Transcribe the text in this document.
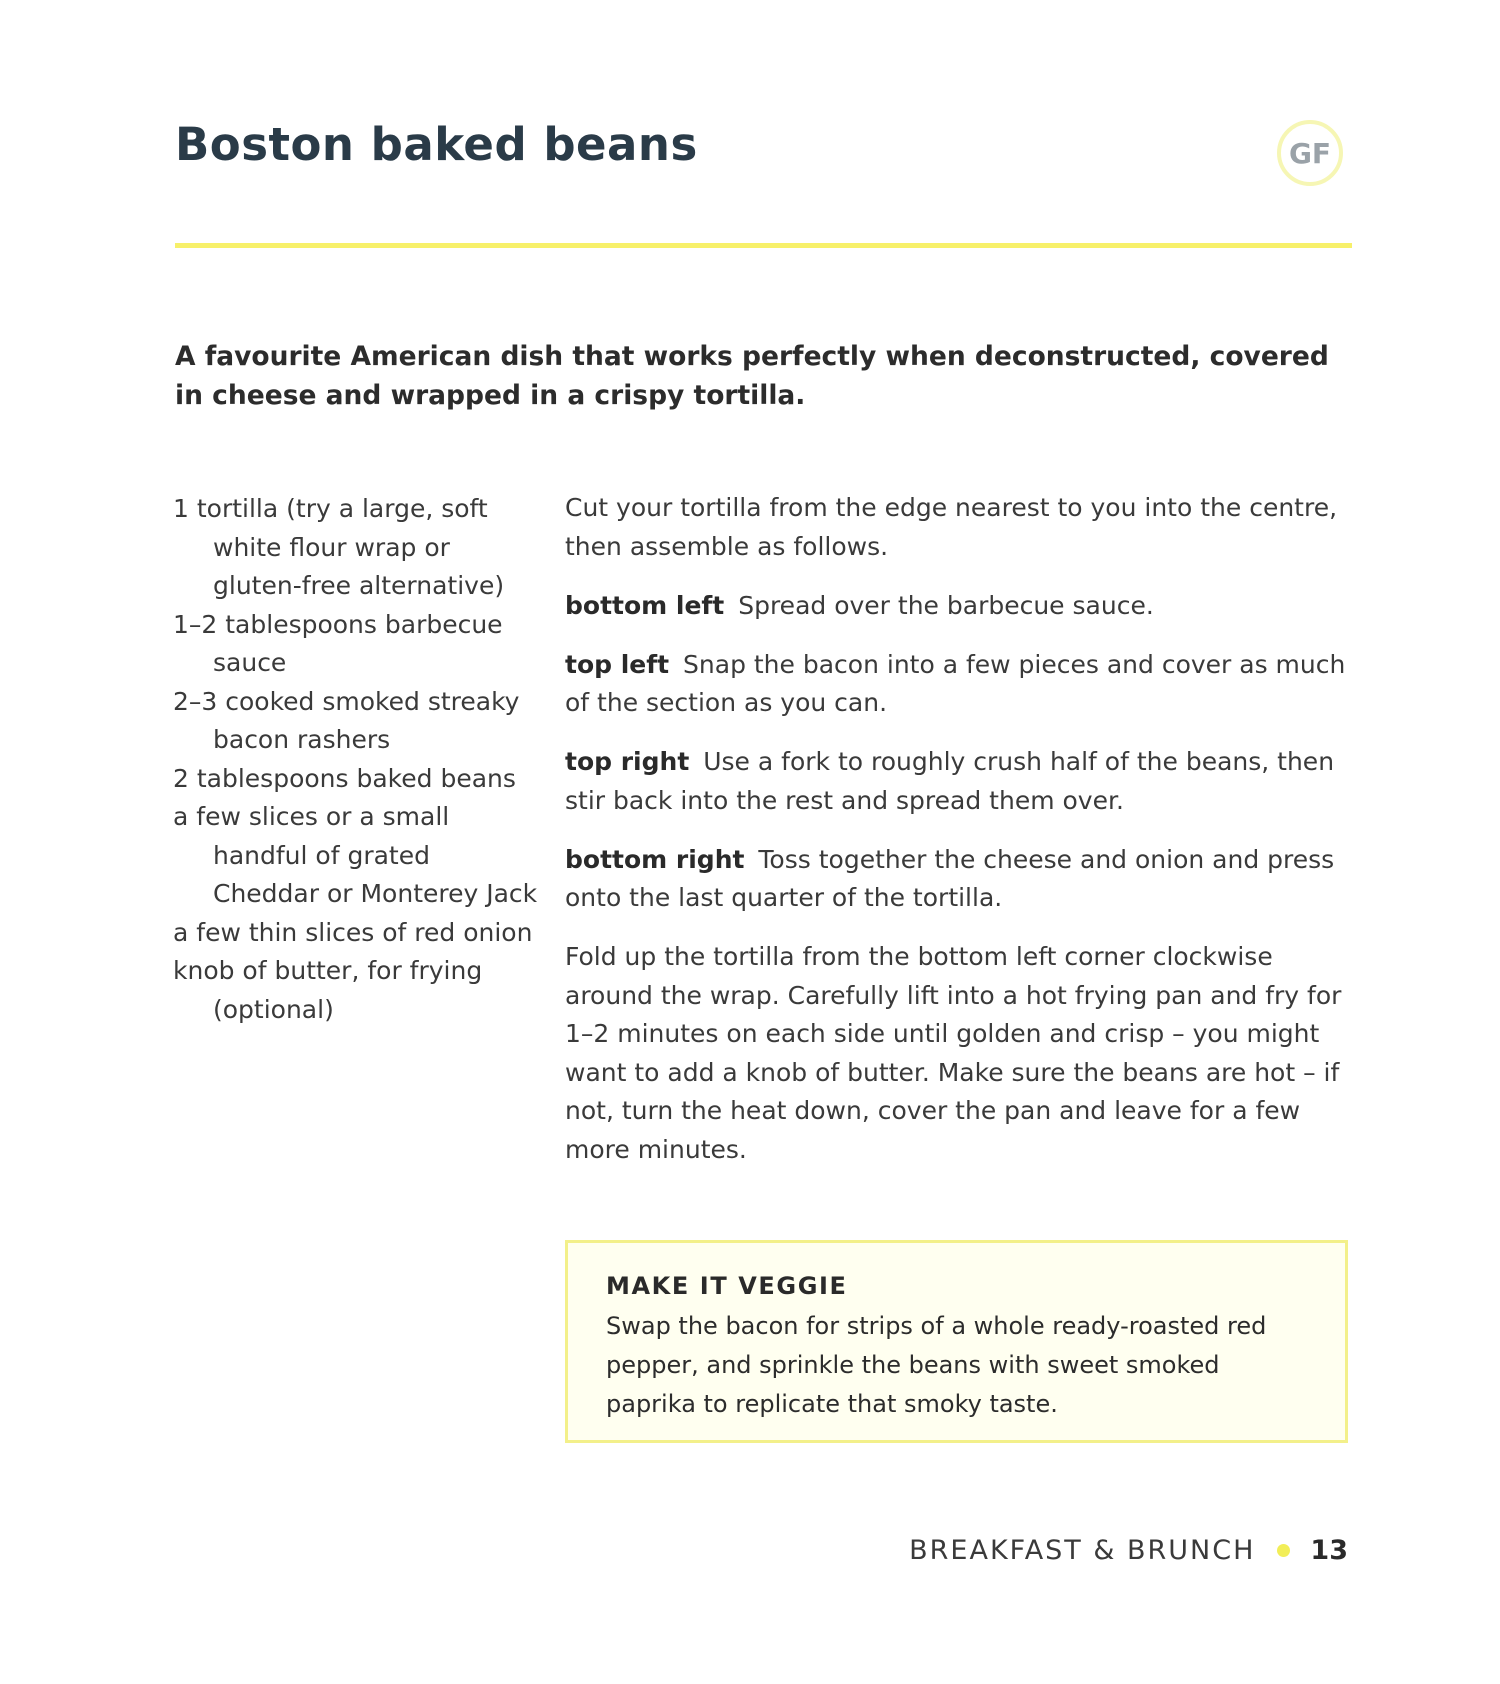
Boston baked beans	GF

A favourite American dish that works perfectly when deconstructed, covered in cheese and wrapped in a crispy tortilla.

1 tortilla (try a large, soft white flour wrap or gluten-free alternative)
1–2 tablespoons barbecue sauce
2–3 cooked smoked streaky bacon rashers
2 tablespoons baked beans
a few slices or a small handful of grated Cheddar or Monterey Jack
a few thin slices of red onion
knob of butter, for frying (optional)

Cut your tortilla from the edge nearest to you into the centre, then assemble as follows.

bottom left Spread over the barbecue sauce.

top left Snap the bacon into a few pieces and cover as much of the section as you can.

top right Use a fork to roughly crush half of the beans, then stir back into the rest and spread them over.

bottom right Toss together the cheese and onion and press onto the last quarter of the tortilla.

Fold up the tortilla from the bottom left corner clockwise around the wrap. Carefully lift into a hot frying pan and fry for 1–2 minutes on each side until golden and crisp – you might want to add a knob of butter. Make sure the beans are hot – if not, turn the heat down, cover the pan and leave for a few more minutes.

MAKE IT VEGGIE

Swap the bacon for strips of a whole ready-roasted red pepper, and sprinkle the beans with sweet smoked paprika to replicate that smoky taste.

BREAKFAST & BRUNCH 13
